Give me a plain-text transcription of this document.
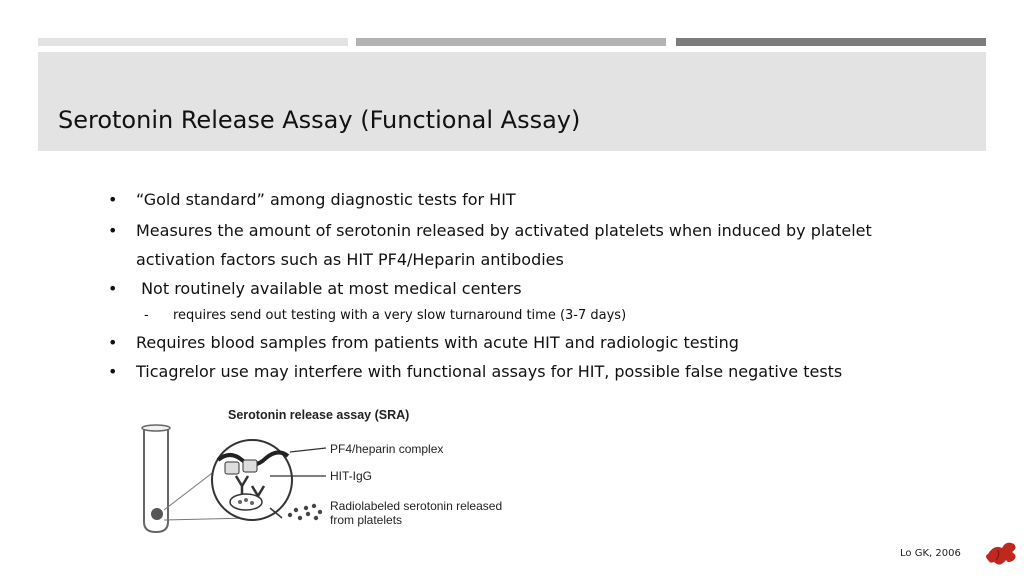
Serotonin Release Assay (Functional Assay)
• “Gold standard” among diagnostic tests for HIT
• Measures the amount of serotonin released by activated platelets when induced by platelet
activation factors such as HIT PF4/Heparin antibodies
• Not routinely available at most medical centers
- requires send out testing with a very slow turnaround time (3-7 days)
• Requires blood samples from patients with acute HIT and radiologic testing
• Ticagrelor use may interfere with functional assays for HIT, possible false negative tests
Serotonin release assay (SRA)
PF4/heparin complex
HIT-IgG
Radiolabeled serotonin released
from platelets
Lo GK, 2006
